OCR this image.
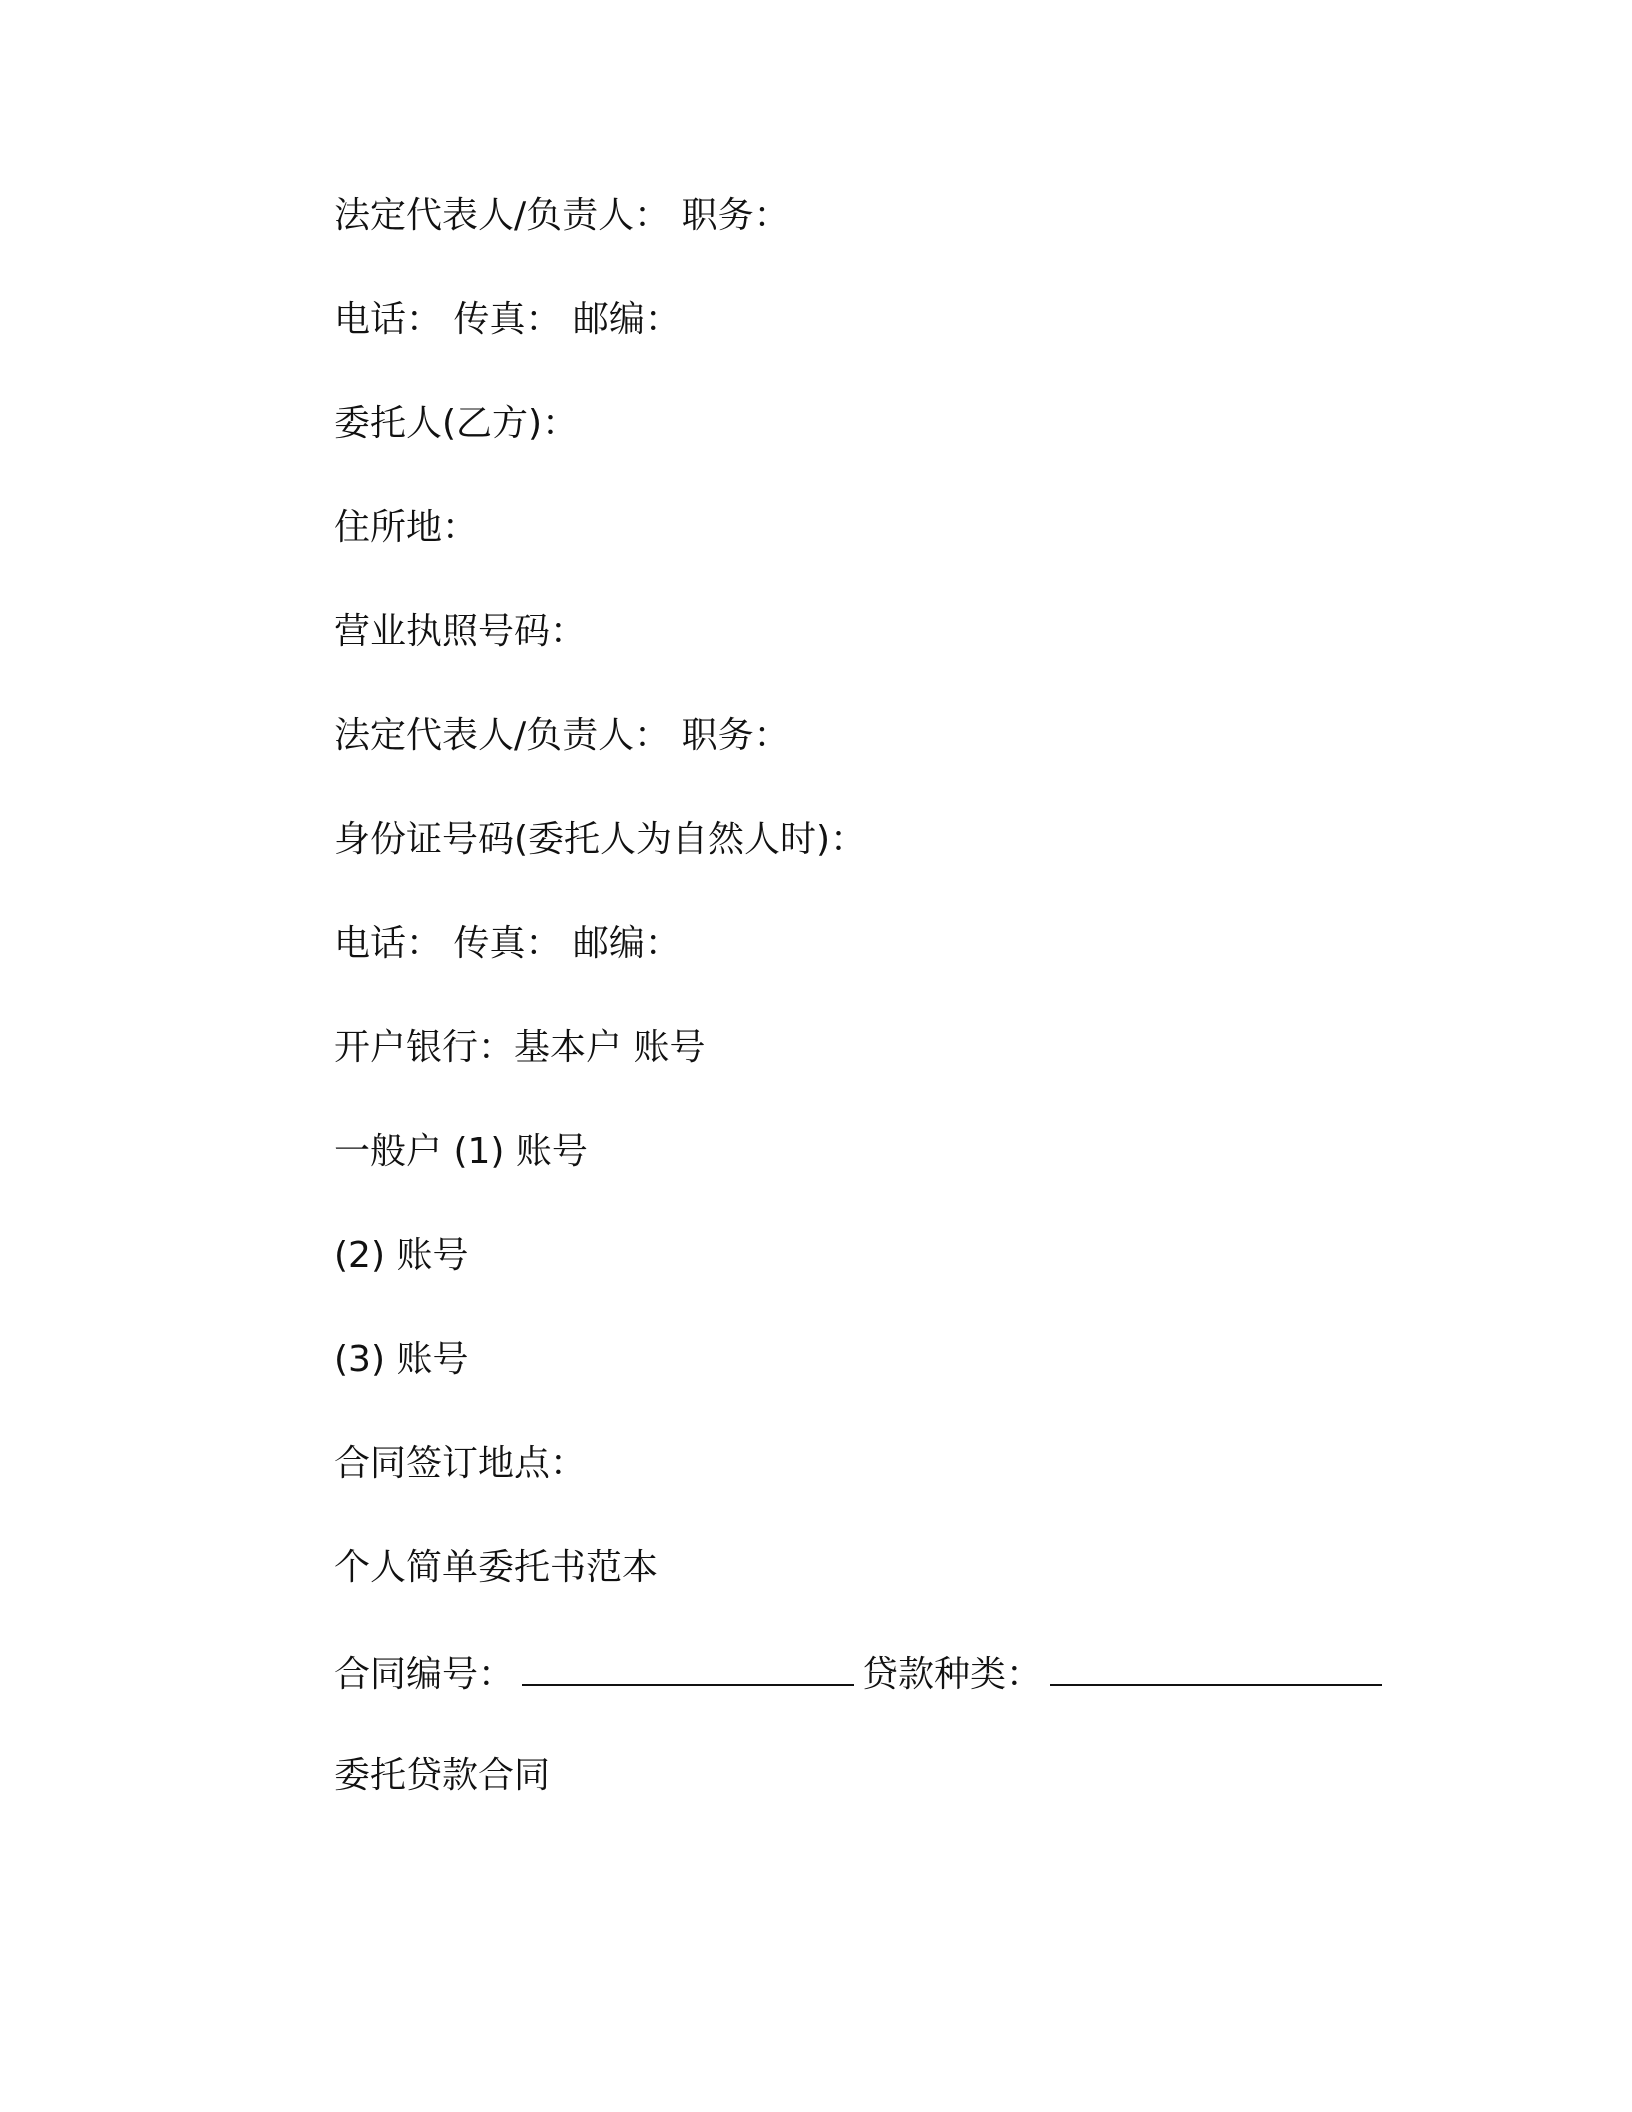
法定代表人/负责人： 职务：
电话： 传真： 邮编：
委托人(乙方)：
住所地：
营业执照号码：
法定代表人/负责人： 职务：
身份证号码(委托人为自然人时)：
电话： 传真： 邮编：
开户银行：基本户 账号
一般户 (1) 账号
(2) 账号
(3) 账号
合同签订地点：
个人简单委托书范本
合同编号：	贷款种类：
委托贷款合同
